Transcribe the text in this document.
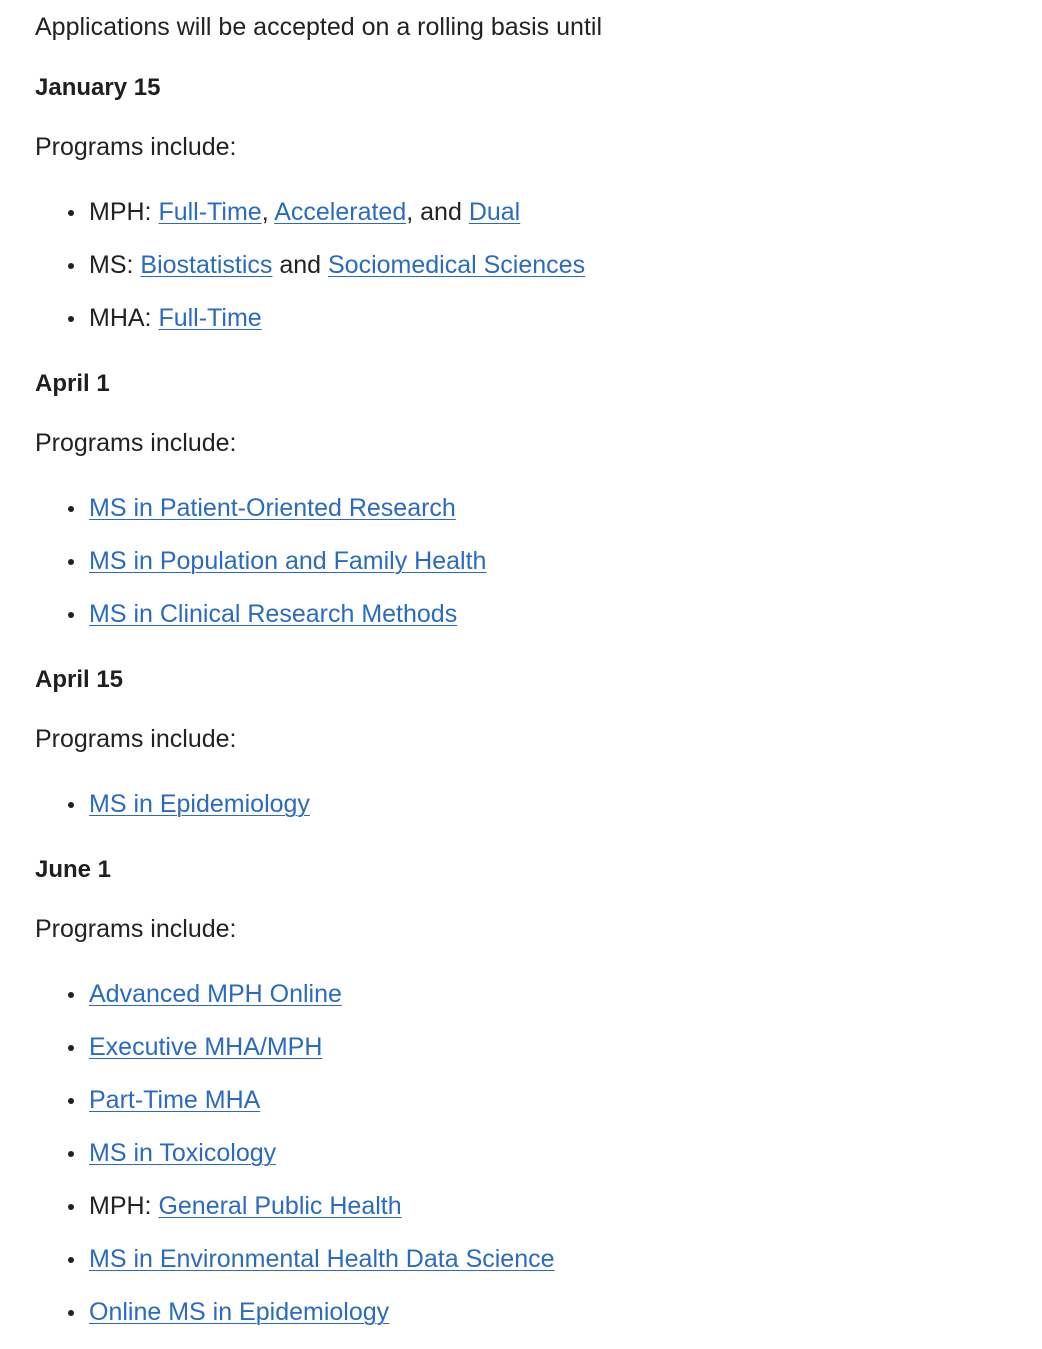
Applications will be accepted on a rolling basis until

January 15

Programs include:

MPH: Full-Time, Accelerated, and Dual
MS: Biostatistics and Sociomedical Sciences
MHA: Full-Time

April 1

Programs include:

MS in Patient-Oriented Research
MS in Population and Family Health
MS in Clinical Research Methods

April 15

Programs include:

MS in Epidemiology

June 1

Programs include:

Advanced MPH Online
Executive MHA/MPH
Part-Time MHA
MS in Toxicology
MPH: General Public Health
MS in Environmental Health Data Science
Online MS in Epidemiology
